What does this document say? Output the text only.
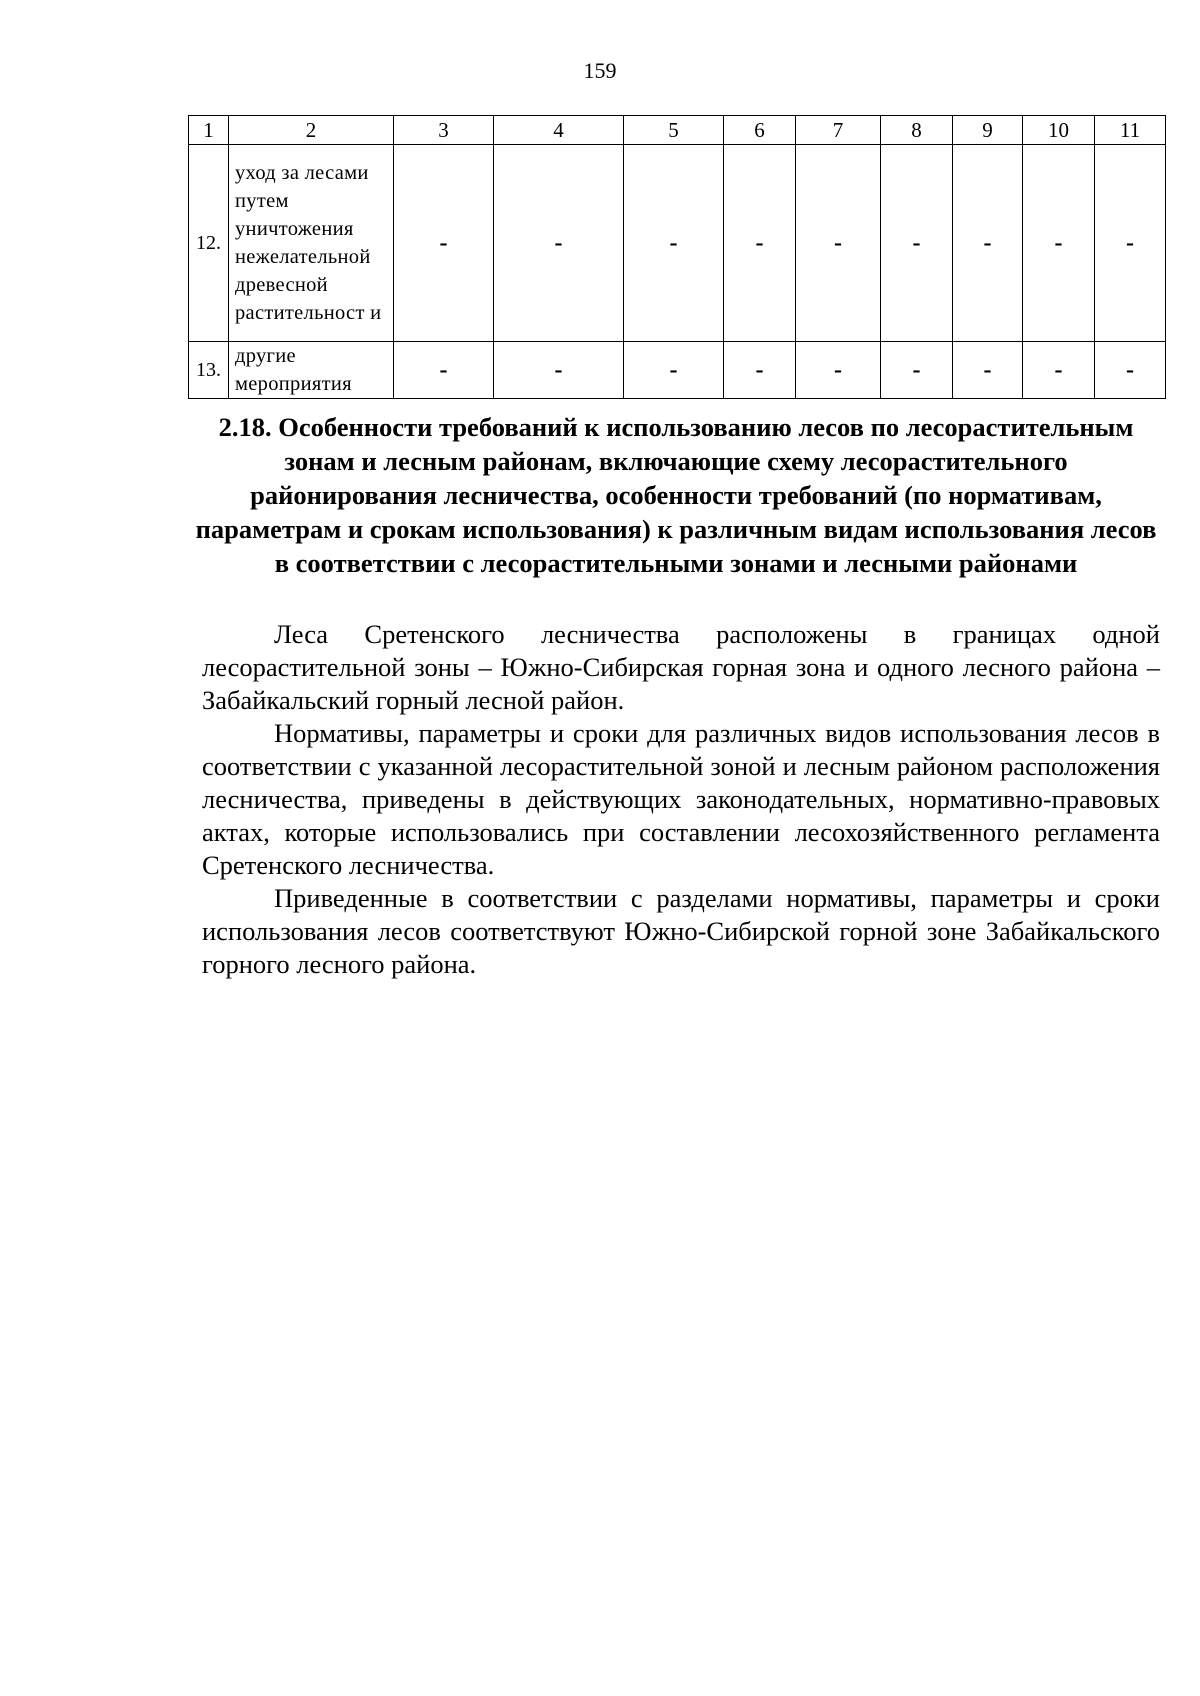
159
1	2	3	4	5	6	7	8	9	10	11
12.	уход за лесами путем уничтожения нежелательной древесной растительност и	-	-	-	-	-	-	-	-	-
13.	другие мероприятия	-	-	-	-	-	-	-	-	-
2.18. Особенности требований к использованию лесов по лесорастительным зонам и лесным районам, включающие схему лесорастительного районирования лесничества, особенности требований (по нормативам, параметрам и срокам использования) к различным видам использования лесов в соответствии с лесорастительными зонами и лесными районами

Леса Сретенского лесничества расположены в границах одной лесорастительной зоны – Южно-Сибирская горная зона и одного лесного района – Забайкальский горный лесной район.

Нормативы, параметры и сроки для различных видов использования лесов в соответствии с указанной лесорастительной зоной и лесным районом расположения лесничества, приведены в действующих законодательных, нормативно-правовых актах, которые использовались при составлении лесохозяйственного регламента Сретенского лесничества.

Приведенные в соответствии с разделами нормативы, параметры и сроки использования лесов соответствуют Южно-Сибирской горной зоне Забайкальского горного лесного района.
